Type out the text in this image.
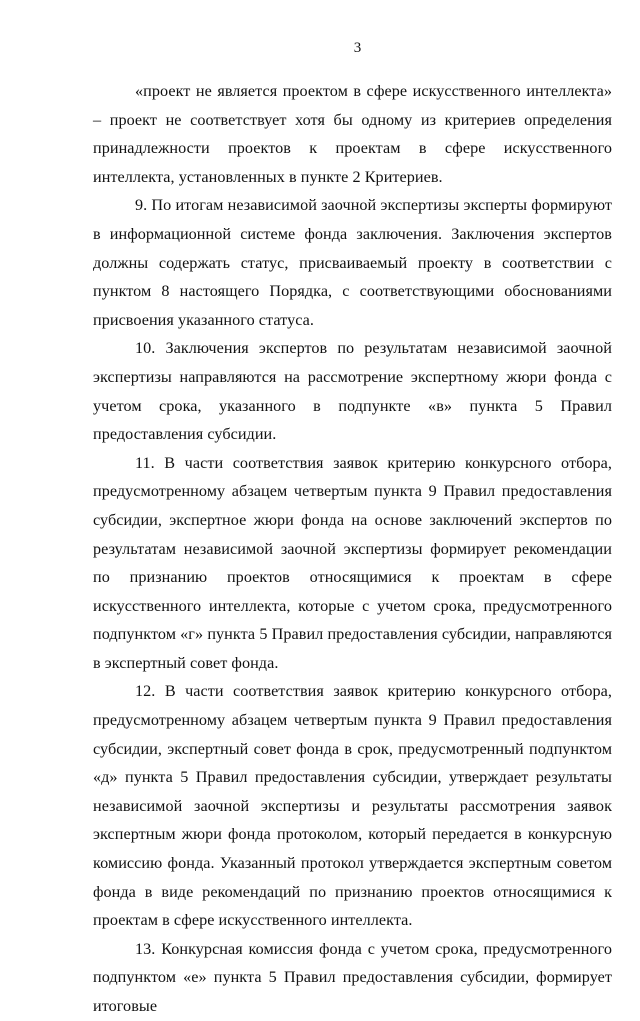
3

«проект не является проектом в сфере искусственного интеллекта» – проект не соответствует хотя бы одному из критериев определения принадлежности проектов к проектам в сфере искусственного интеллекта, установленных в пункте 2 Критериев.

9. По итогам независимой заочной экспертизы эксперты формируют в информационной системе фонда заключения. Заключения экспертов должны содержать статус, присваиваемый проекту в соответствии с пунктом 8 настоящего Порядка, с соответствующими обоснованиями присвоения указанного статуса.

10. Заключения экспертов по результатам независимой заочной экспертизы направляются на рассмотрение экспертному жюри фонда с учетом срока, указанного в подпункте «в» пункта 5 Правил предоставления субсидии.

11. В части соответствия заявок критерию конкурсного отбора, предусмотренному абзацем четвертым пункта 9 Правил предоставления субсидии, экспертное жюри фонда на основе заключений экспертов по результатам независимой заочной экспертизы формирует рекомендации по признанию проектов относящимися к проектам в сфере искусственного интеллекта, которые с учетом срока, предусмотренного подпунктом «г» пункта 5 Правил предоставления субсидии, направляются в экспертный совет фонда.

12. В части соответствия заявок критерию конкурсного отбора, предусмотренному абзацем четвертым пункта 9 Правил предоставления субсидии, экспертный совет фонда в срок, предусмотренный подпунктом «д» пункта 5 Правил предоставления субсидии, утверждает результаты независимой заочной экспертизы и результаты рассмотрения заявок экспертным жюри фонда протоколом, который передается в конкурсную комиссию фонда. Указанный протокол утверждается экспертным советом фонда в виде рекомендаций по признанию проектов относящимися к проектам в сфере искусственного интеллекта.

13. Конкурсная комиссия фонда с учетом срока, предусмотренного подпунктом «е» пункта 5 Правил предоставления субсидии, формирует итоговые
